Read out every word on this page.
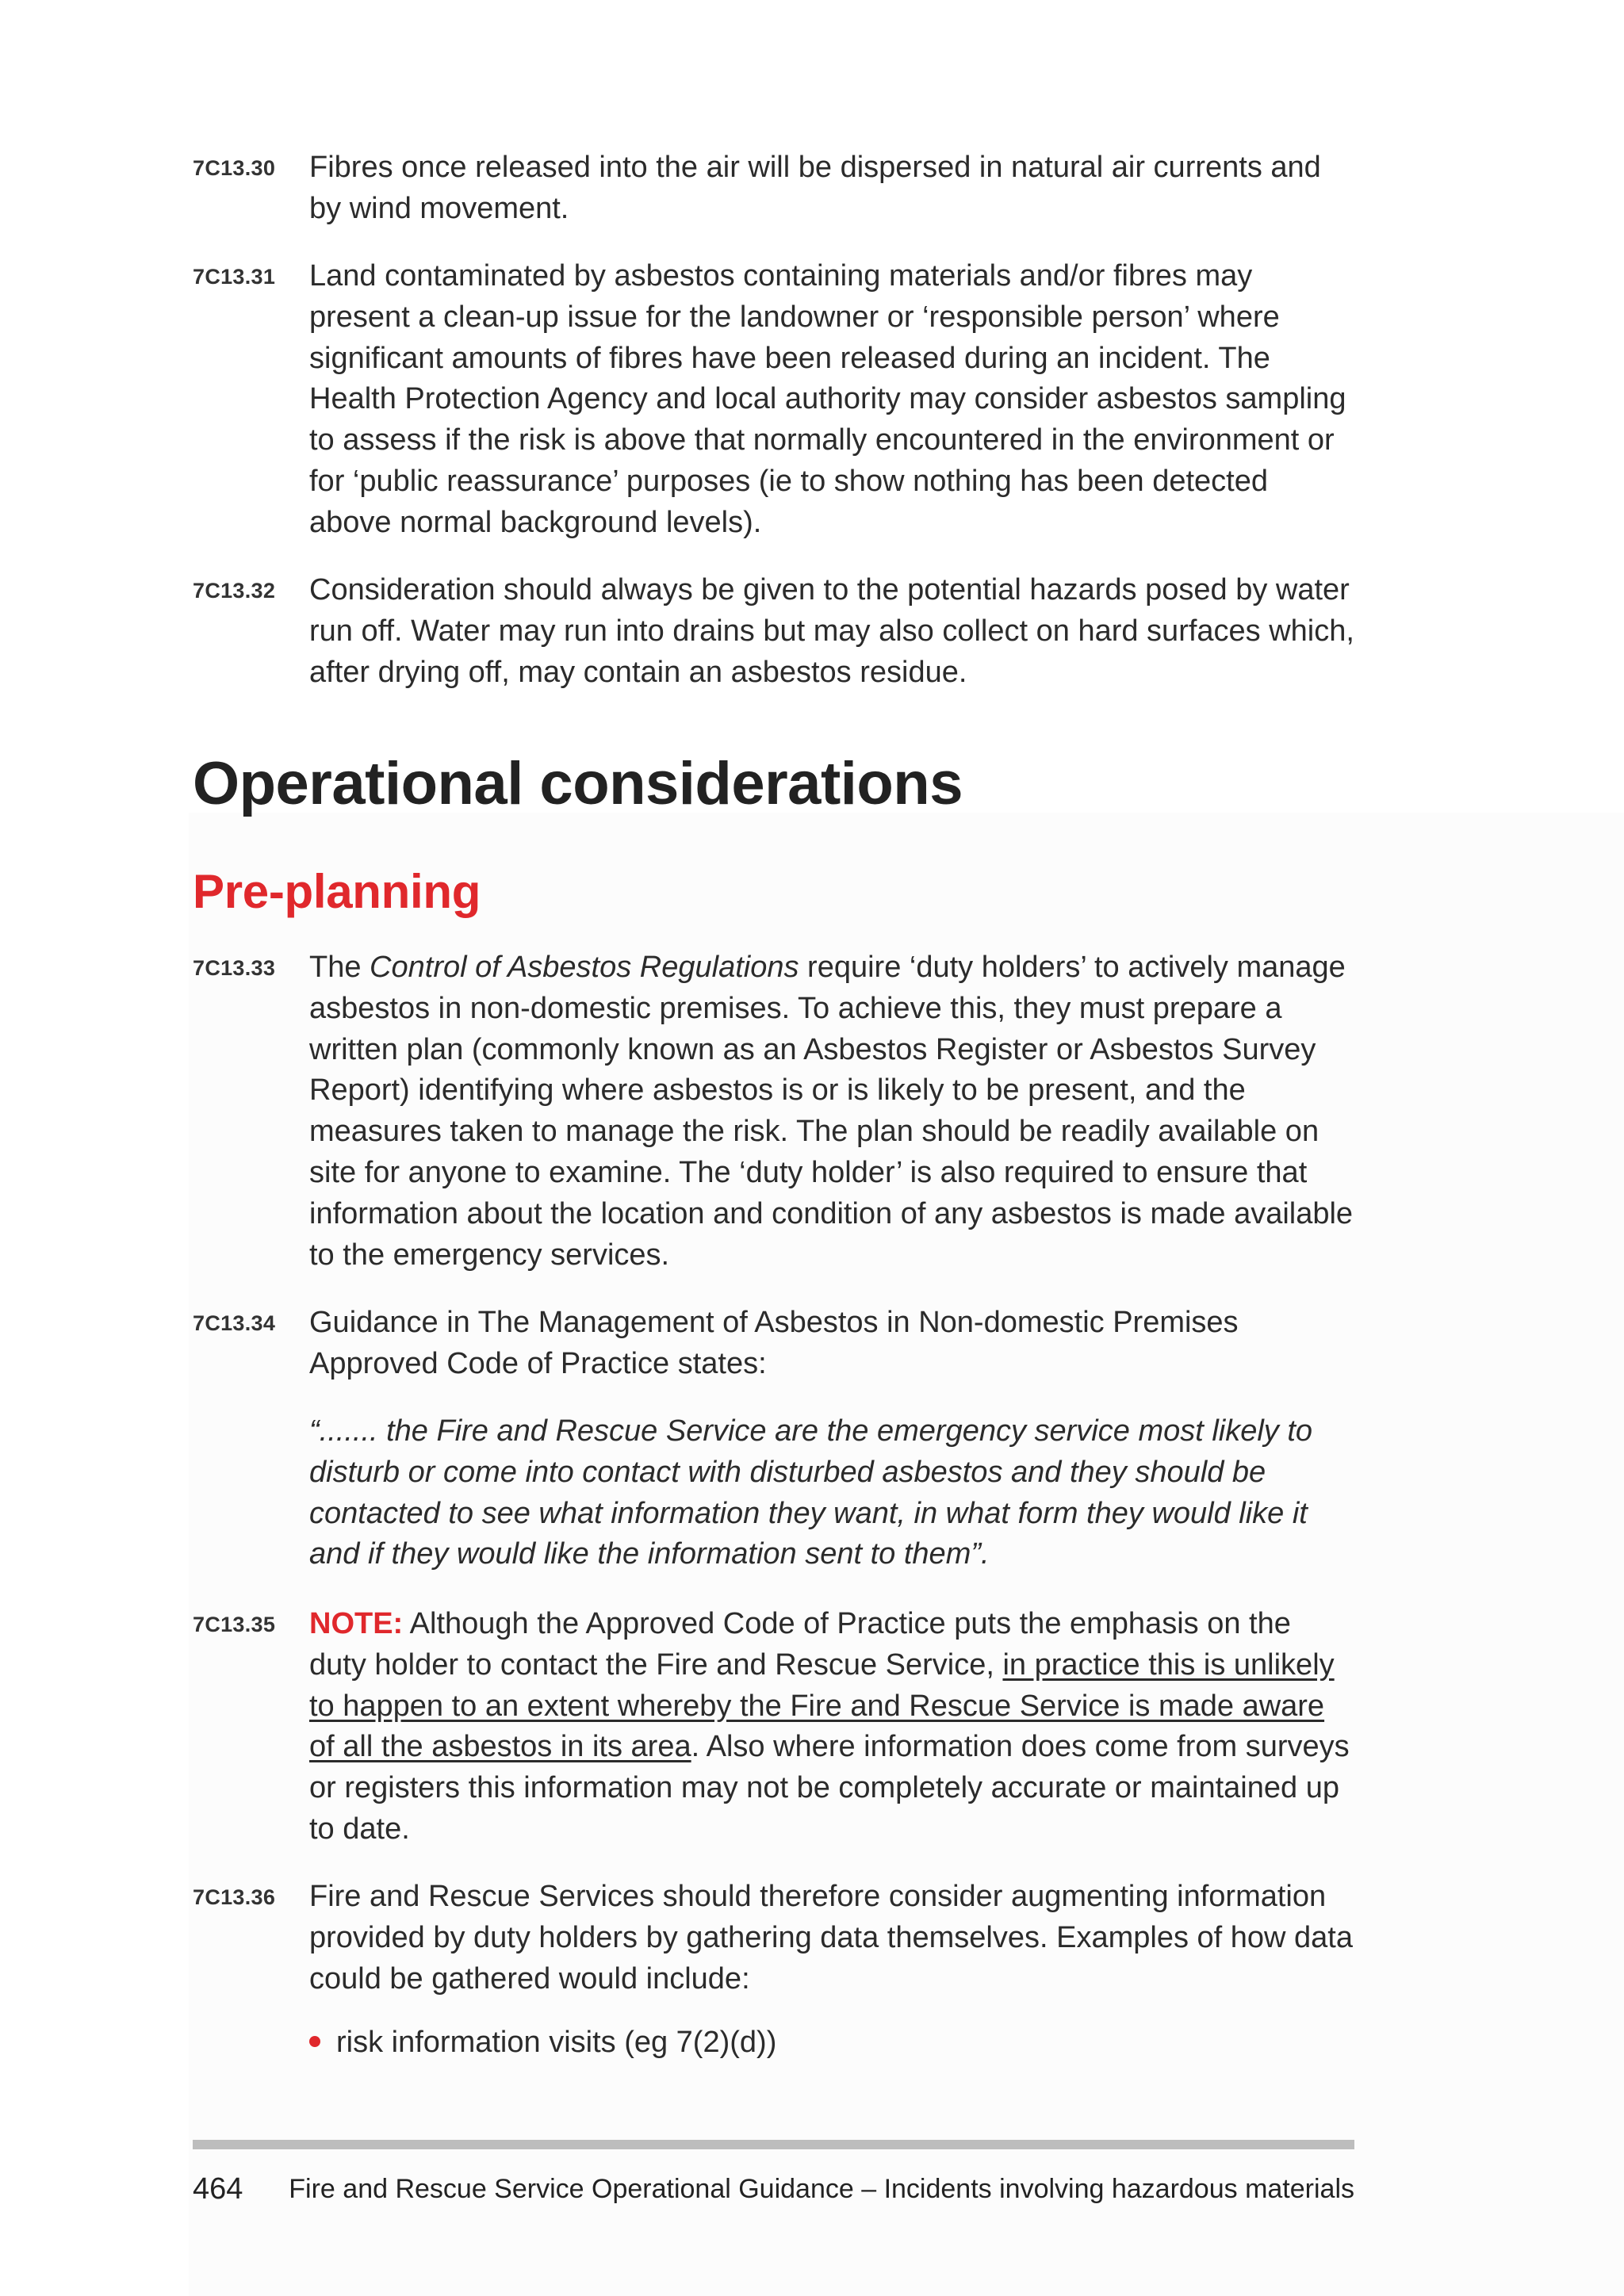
7C13.30 Fibres once released into the air will be dispersed in natural air currents and by wind movement.
7C13.31 Land contaminated by asbestos containing materials and/or fibres may present a clean-up issue for the landowner or ‘responsible person’ where significant amounts of fibres have been released during an incident. The Health Protection Agency and local authority may consider asbestos sampling to assess if the risk is above that normally encountered in the environment or for ‘public reassurance’ purposes (ie to show nothing has been detected above normal background levels).
7C13.32 Consideration should always be given to the potential hazards posed by water run off. Water may run into drains but may also collect on hard surfaces which, after drying off, may contain an asbestos residue.
Operational considerations
Pre-planning
7C13.33 The Control of Asbestos Regulations require ‘duty holders’ to actively manage asbestos in non-domestic premises. To achieve this, they must prepare a written plan (commonly known as an Asbestos Register or Asbestos Survey Report) identifying where asbestos is or is likely to be present, and the measures taken to manage the risk. The plan should be readily available on site for anyone to examine. The ‘duty holder’ is also required to ensure that information about the location and condition of any asbestos is made available to the emergency services.
7C13.34 Guidance in The Management of Asbestos in Non-domestic Premises Approved Code of Practice states:
“....... the Fire and Rescue Service are the emergency service most likely to disturb or come into contact with disturbed asbestos and they should be contacted to see what information they want, in what form they would like it and if they would like the information sent to them”.
7C13.35 NOTE: Although the Approved Code of Practice puts the emphasis on the duty holder to contact the Fire and Rescue Service, in practice this is unlikely to happen to an extent whereby the Fire and Rescue Service is made aware of all the asbestos in its area. Also where information does come from surveys or registers this information may not be completely accurate or maintained up to date.
7C13.36 Fire and Rescue Services should therefore consider augmenting information provided by duty holders by gathering data themselves. Examples of how data could be gathered would include:
risk information visits (eg 7(2)(d))
464 Fire and Rescue Service Operational Guidance – Incidents involving hazardous materials
